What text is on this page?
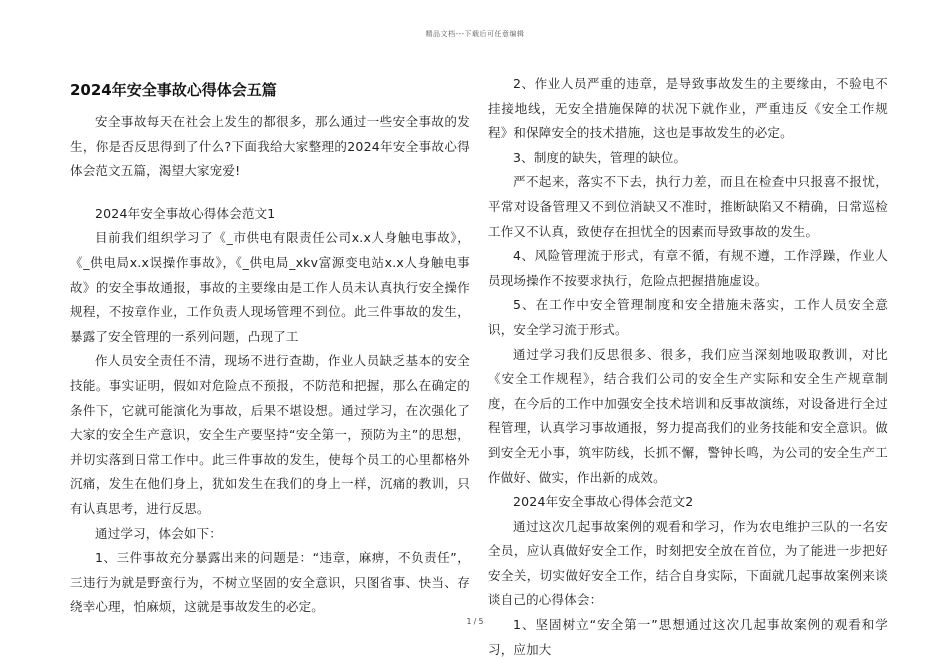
精品文档---下载后可任意编辑
2024年安全事故心得体会五篇

安全事故每天在社会上发生的都很多，那么通过一些安全事故的发生，你是否反思得到了什么?下面我给大家整理的2024年安全事故心得体会范文五篇，渴望大家宠爱!

2024年安全事故心得体会范文1

目前我们组织学习了《_市供电有限责任公司x.x人身触电事故》，《_供电局x.x误操作事故》，《_供电局_xkv富源变电站x.x人身触电事故》的安全事故通报，事故的主要缘由是工作人员未认真执行安全操作规程，不按章作业，工作负责人现场管理不到位。此三件事故的发生，暴露了安全管理的一系列问题，凸现了工

作人员安全责任不清，现场不进行查勘，作业人员缺乏基本的安全技能。事实证明，假如对危险点不预报，不防范和把握，那么在确定的条件下，它就可能演化为事故，后果不堪设想。通过学习，在次强化了大家的安全生产意识，安全生产要坚持“安全第一，预防为主”的思想，并切实落到日常工作中。此三件事故的发生，使每个员工的心里都格外沉痛，发生在他们身上，犹如发生在我们的身上一样，沉痛的教训，只有认真思考，进行反思。

通过学习，体会如下：

1、三件事故充分暴露出来的问题是：“违章，麻痹，不负责任”，三违行为就是野蛮行为，不树立坚固的安全意识，只图省事、快当、存绕幸心理，怕麻烦，这就是事故发生的必定。

2、作业人员严重的违章，是导致事故发生的主要缘由，不验电不挂接地线，无安全措施保障的状况下就作业，严重违反《安全工作规程》和保障安全的技术措施，这也是事故发生的必定。

3、制度的缺失，管理的缺位。

严不起来，落实不下去，执行力差，而且在检查中只报喜不报忧，平常对设备管理又不到位消缺又不准时，推断缺陷又不精确，日常巡检工作又不认真，致使存在担忧全的因素而导致事故的发生。

4、风险管理流于形式，有章不循，有规不遵，工作浮躁，作业人员现场操作不按要求执行，危险点把握措施虚设。

5、在工作中安全管理制度和安全措施未落实，工作人员安全意识，安全学习流于形式。

通过学习我们反思很多、很多，我们应当深刻地吸取教训，对比《安全工作规程》，结合我们公司的安全生产实际和安全生产规章制度，在今后的工作中加强安全技术培训和反事故演练，对设备进行全过程管理，认真学习事故通报，努力提高我们的业务技能和安全意识。做到安全无小事，筑牢防线，长抓不懈，警钟长鸣，为公司的安全生产工作做好、做实，作出新的成效。

2024年安全事故心得体会范文2

通过这次几起事故案例的观看和学习，作为农电维护三队的一名安全员，应认真做好安全工作，时刻把安全放在首位，为了能进一步把好安全关，切实做好安全工作，结合自身实际，下面就几起事故案例来谈谈自己的心得体会：

1、坚固树立“安全第一”思想通过这次几起事故案例的观看和学习，应加大

1 / 5
